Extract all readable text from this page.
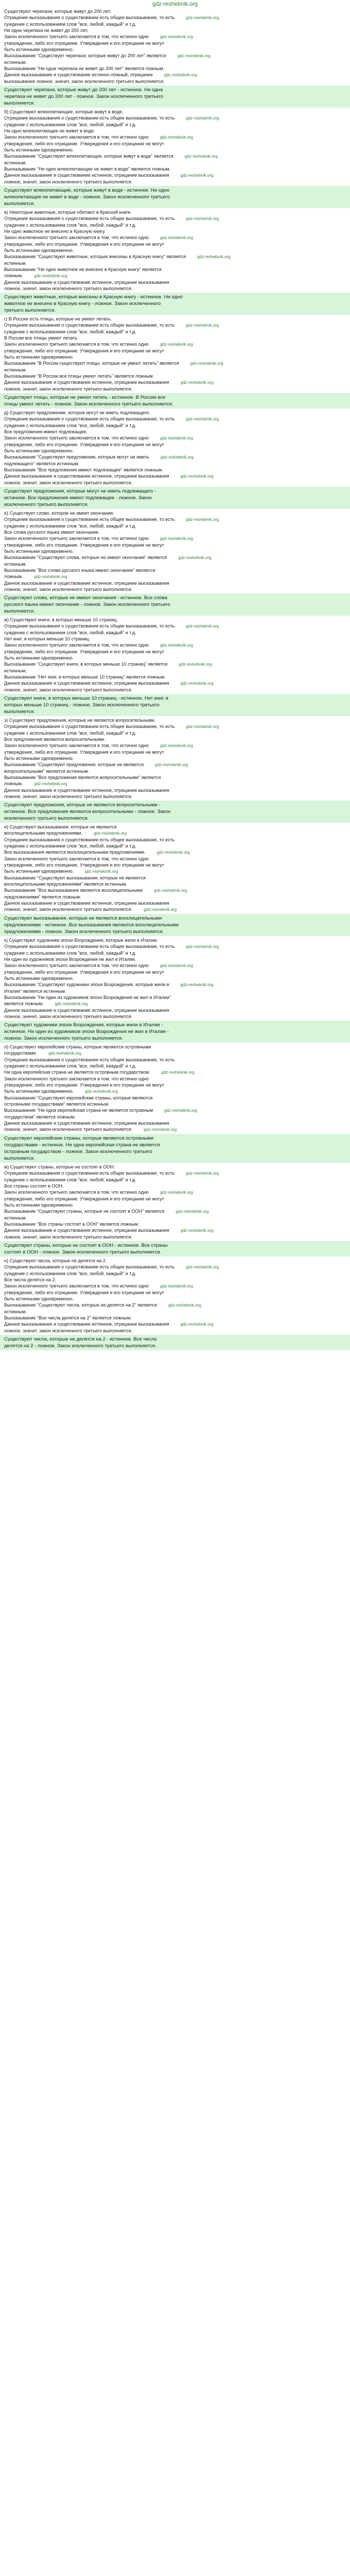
gdz-reshebnik.org

Существуют черепахи, которые живут до 200 лет.

Отрицание высказывания о существовании есть общее высказывание, то есть	gdz-reshebnik.org

суждение с использованием слов "все, любой, каждый" и т.д.

Ни одна черепаха не живет до 200 лет.

Закон исключенного третьего заключается в том, что истинно одно	gdz-reshebnik.org

утверждение, либо его отрицание. Утверждения и его отрицание не могут

быть истинными одновременно.

Высказывание "Существует черепахи, которые живут до 200 лет" является	gdz-reshebnik.org

истинным.

Высказывание "Ни одна черепаха не живет до 200 лет" является ложным.

Данное высказывание и существование истинно-ложный, отрицание	gdz-reshebnik.org

высказывания ложное, значит, закон исключенного третьего выполняется.

Существуют черепахи, которые живут до 200 лет - истинное. Ни одна

черепаха не живет до 200 лет - ложное. Закон исключенного третьего

выполняется.

б) Существуют млекопитающие, которые живут в воде.

Отрицание высказывания о существовании есть общее высказывание, то есть	gdz-reshebnik.org

суждение с использованием слов "все, любой, каждый" и т.д.

Ни одно млекопитающее не живет в воде.

Закон исключенного третьего заключается в том, что истинно одно	gdz-reshebnik.org

утверждение, либо его отрицание. Утверждения и его отрицание не могут

быть истинными одновременно.

Высказывание "Существуют млекопитающие, которые живут в воде" является	gdz-reshebnik.org

истинным.

Высказывание "Ни одно млекопитающее не живет в воде" является ложным.

Данное высказывание и существование истинное, отрицание высказывания	gdz-reshebnik.org

ложное, значит, закон исключенного третьего выполняется.

Существуют млекопитающие, которые живут в воде - истинное. Ни одно

млекопитающее не живет в воде - ложное. Закон исключенного третьего

выполняется.

в) Некоторые животные, которые обитают в Красной книге.

Отрицание высказывания о существовании есть общее высказывание, то есть	gdz-reshebnik.org

суждение с использованием слов "все, любой, каждый" и т.д.

Ни одно животное не внесено в Красную книгу.

Закон исключенного третьего заключается в том, что истинно одно	gdz-reshebnik.org

утверждение, либо его отрицание. Утверждения и его отрицание не могут

быть истинными одновременно.

Высказывание "Существуют животные, которые внесены в Красную книгу" является	gdz-reshebnik.org

истинным.

Высказывание "Ни одно животное не внесено в Красную книгу" является

ложным.	gdz-reshebnik.org

Данное высказывание и существование истинное, отрицание высказывания

ложное, значит, закон исключенного третьего выполняется.

Существуют животные, которые внесены в Красную книгу - истинное. Ни одно

животное не внесено в Красную книгу - ложное. Закон исключенного

третьего выполняется.

г) В России есть птицы, которые не умеют летать.

Отрицание высказывания о существовании есть общее высказывание, то есть	gdz-reshebnik.org

суждение с использованием слов "все, любой, каждый" и т.д.

В России все птицы умеют летать.

Закон исключенного третьего заключается в том, что истинно одно	gdz-reshebnik.org

утверждение, либо его отрицание. Утверждения и его отрицание не могут

быть истинными одновременно.

Высказывание "В России существуют птицы, которые не умеют летать" является	gdz-reshebnik.org

истинным.

Высказывание "В России все птицы умеют летать" является ложным.

Данное высказывание и существование истинное, отрицание высказывания	gdz-reshebnik.org

ложное, значит, закон исключенного третьего выполняется.

Существуют птицы, которые не умеют летать - истинное. В России все

птицы умеют летать - ложное. Закон исключенного третьего выполняется.

д) Существует предложение, которое могут не иметь подлежащего.

Отрицание высказывания о существовании есть общее высказывание, то есть	gdz-reshebnik.org

суждение с использованием слов "все, любой, каждый" и т.д.

Все предложения имеют подлежащее.

Закон исключенного третьего заключается в том, что истинно одно	gdz-reshebnik.org

утверждение, либо его отрицание. Утверждения и его отрицание не могут

быть истинными одновременно.

Высказывание "Существуют предложения, которые могут не иметь	gdz-reshebnik.org

подлежащего" является истинным.

Высказывание "Все предложения имеют подлежащее" является ложным.

Данное высказывание и существование истинное, отрицание высказывания	gdz-reshebnik.org

ложное, значит, закон исключенного третьего выполняется.

Существуют предложения, которые могут не иметь подлежащего -

истинное. Все предложения имеют подлежащее - ложное. Закон

исключенного третьего выполняется.

е) Существует слово, которое не имеет окончания.

Отрицание высказывания о существовании есть общее высказывание, то есть	gdz-reshebnik.org

суждение с использованием слов "все, любой, каждый" и т.д.

Все слова русского языка имеют окончание.

Закон исключенного третьего заключается в том, что истинно одно	gdz-reshebnik.org

утверждение, либо его отрицание. Утверждения и его отрицание не могут

быть истинными одновременно.

Высказывание "Существуют слова, которые не имеют окончания" является	gdz-reshebnik.org

истинным.

Высказывание "Все слова русского языка имеют окончание" является

ложным.	gdz-reshebnik.org

Данное высказывание и существование истинное, отрицание высказывания

ложное, значит, закон исключенного третьего выполняется.

Существуют слова, которые не имеют окончания - истинное. Все слова

русского языка имеют окончание - ложное. Закон исключенного третьего

выполняется.

ж) Существуют книги, в которых меньше 10 страниц.

Отрицание высказывания о существовании есть общее высказывание, то есть	gdz-reshebnik.org

суждение с использованием слов "все, любой, каждый" и т.д.

Нет книг, в которых меньше 10 страниц.

Закон исключенного третьего заключается в том, что истинно одно	gdz-reshebnik.org

утверждение, либо его отрицание. Утверждения и его отрицание не могут

быть истинными одновременно.

Высказывание "Существуют книги, в которых меньше 10 страниц" является	gdz-reshebnik.org

истинным.

Высказывание "Нет книг, в которых меньше 10 страниц" является ложным.

Данное высказывание и существование истинное, отрицание высказывания	gdz-reshebnik.org

ложное, значит, закон исключенного третьего выполняется.

Существуют книги, в которых меньше 10 страниц - истинное. Нет книг, в

которых меньше 10 страниц - ложное. Закон исключенного третьего

выполняется.

з) Существуют предложения, которые не являются вопросительными.

Отрицание высказывания о существовании есть общее высказывание, то есть	gdz-reshebnik.org

суждение с использованием слов "все, любой, каждый" и т.д.

Все предложения являются вопросительными.

Закон исключенного третьего заключается в том, что истинно одно	gdz-reshebnik.org

утверждение, либо его отрицание. Утверждения и его отрицание не могут

быть истинными одновременно.

Высказывание "Существуют предложения, которые не являются	gdz-reshebnik.org

вопросительными" является истинным.

Высказывание "Все предложения являются вопросительными" является

ложным.	gdz-reshebnik.org

Данное высказывание и существование истинное, отрицание высказывания

ложное, значит, закон исключенного третьего выполняется.

Существуют предложения, которые не являются вопросительными -

истинное. Все предложения являются вопросительными - ложное. Закон

исключенного третьего выполняется.

и) Существуют высказывания, которые не являются

восклицательными предложениями.	gdz-reshebnik.org

Отрицание высказывания о существовании есть общее высказывание, то есть

суждение с использованием слов "все, любой, каждый" и т.д.

Все высказывания являются восклицательными предложениями.	gdz-reshebnik.org

Закон исключенного третьего заключается в том, что истинно одно

утверждение, либо его отрицание. Утверждения и его отрицание не могут

быть истинными одновременно.	gdz-reshebnik.org

Высказывание "Существуют высказывания, которые не являются

восклицательными предложениями" является истинным.

Высказывание "Все высказывания являются восклицательными	gdz-reshebnik.org

предложениями" является ложным.

Данное высказывание и существование истинное, отрицание высказывания

ложное, значит, закон исключенного третьего выполняется.	gdz-reshebnik.org

Существуют высказывания, которые не являются восклицательными

предложениями - истинное. Все высказывания являются восклицательными

предложениями - ложное. Закон исключенного третьего выполняется.

к) Существуют художники эпохи Возрождения, которые жили в Италии.

Отрицание высказывания о существовании есть общее высказывание, то есть	gdz-reshebnik.org

суждение с использованием слов "все, любой, каждый" и т.д.

Ни один из художников эпохи Возрождения не жил в Италии.

Закон исключенного третьего заключается в том, что истинно одно	gdz-reshebnik.org

утверждение, либо его отрицание. Утверждения и его отрицание не могут

быть истинными одновременно.

Высказывание "Существуют художники эпохи Возрождения, которые жили в	gdz-reshebnik.org

Италии" является истинным.

Высказывание "Ни один из художников эпохи Возрождения не жил в Италии"

является ложным.	gdz-reshebnik.org

Данное высказывание и существование истинное, отрицание высказывания

ложное, значит, закон исключенного третьего выполняется.

Существуют художники эпохи Возрождения, которые жили в Италии -

истинное. Ни один из художников эпохи Возрождения не жил в Италии -

ложное. Закон исключенного третьего выполняется.

л) Существуют европейские страны, которые являются островными

государствами.	gdz-reshebnik.org

Отрицание высказывания о существовании есть общее высказывание, то есть

суждение с использованием слов "все, любой, каждый" и т.д.

Ни одна европейская страна не является островным государством.	gdz-reshebnik.org

Закон исключенного третьего заключается в том, что истинно одно

утверждение, либо его отрицание. Утверждения и его отрицание не могут

быть истинными одновременно.	gdz-reshebnik.org

Высказывание "Существуют европейские страны, которые являются

островными государствами" является истинным.

Высказывание "Ни одна европейская страна не является островным	gdz-reshebnik.org

государством" является ложным.

Данное высказывание и существование истинное, отрицание высказывания

ложное, значит, закон исключенного третьего выполняется.	gdz-reshebnik.org

Существуют европейские страны, которые являются островными

государствами - истинное. Ни одна европейская страна не является

островным государством - ложное. Закон исключенного третьего

выполняется.

м) Существуют страны, которые не состоят в ООН.

Отрицание высказывания о существовании есть общее высказывание, то есть	gdz-reshebnik.org

суждение с использованием слов "все, любой, каждый" и т.д.

Все страны состоят в ООН.

Закон исключенного третьего заключается в том, что истинно одно	gdz-reshebnik.org

утверждение, либо его отрицание. Утверждения и его отрицание не могут

быть истинными одновременно.

Высказывание "Существуют страны, которые не состоят в ООН" является	gdz-reshebnik.org

истинным.

Высказывание "Все страны состоят в ООН" является ложным.

Данное высказывание и существование истинное, отрицание высказывания	gdz-reshebnik.org

ложное, значит, закон исключенного третьего выполняется.

Существуют страны, которые не состоят в ООН - истинное. Все страны

состоят в ООН - ложное. Закон исключенного третьего выполняется.

н) Существуют числа, которые не делятся на 2.

Отрицание высказывания о существовании есть общее высказывание, то есть	gdz-reshebnik.org

суждение с использованием слов "все, любой, каждый" и т.д.

Все числа делятся на 2.

Закон исключенного третьего заключается в том, что истинно одно	gdz-reshebnik.org

утверждение, либо его отрицание. Утверждения и его отрицание не могут

быть истинными одновременно.

Высказывание "Существуют числа, которые не делятся на 2" является	gdz-reshebnik.org

истинным.

Высказывание "Все числа делятся на 2" является ложным.

Данное высказывание и существование истинное, отрицание высказывания	gdz-reshebnik.org

ложное, значит, закон исключенного третьего выполняется.

Существуют числа, которые не делятся на 2 - истинное. Все числа

делятся на 2 - ложное. Закон исключенного третьего выполняется.
